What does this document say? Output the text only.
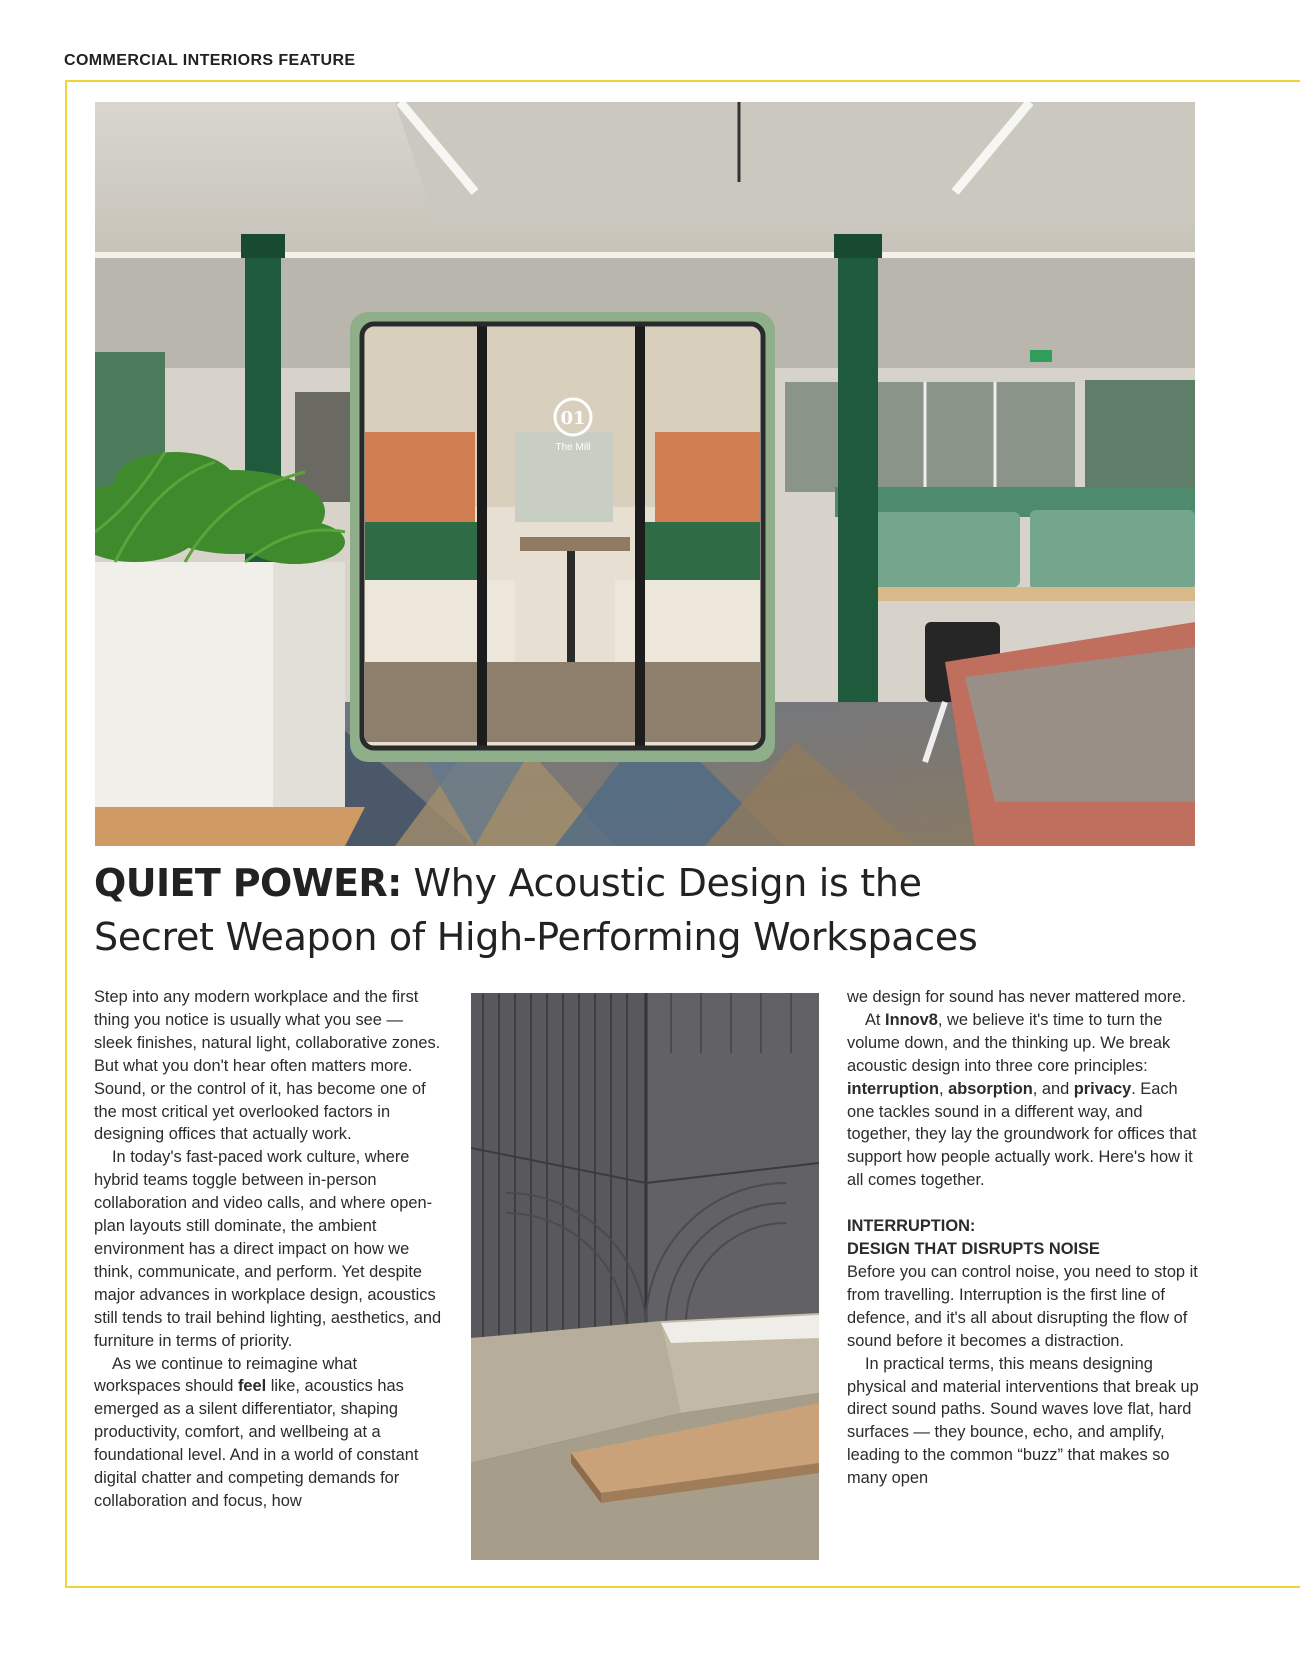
COMMERCIAL INTERIORS FEATURE
01
The Mill
QUIET POWER: Why Acoustic Design is the
Secret Weapon of High-Performing Workspaces

Step into any modern workplace and the first thing you notice is usually what you see — sleek finishes, natural light, collaborative zones. But what you don't hear often matters more. Sound, or the control of it, has become one of the most critical yet overlooked factors in designing offices that actually work.

In today's fast-paced work culture, where hybrid teams toggle between in-person collaboration and video calls, and where open-plan layouts still dominate, the ambient environment has a direct impact on how we think, communicate, and perform. Yet despite major advances in workplace design, acoustics still tends to trail behind lighting, aesthetics, and furniture in terms of priority.

As we continue to reimagine what workspaces should feel like, acoustics has emerged as a silent differentiator, shaping productivity, comfort, and wellbeing at a foundational level. And in a world of constant digital chatter and competing demands for collaboration and focus, how

we design for sound has never mattered more.

At Innov8, we believe it's time to turn the volume down, and the thinking up. We break acoustic design into three core principles: interruption, absorption, and privacy. Each one tackles sound in a different way, and together, they lay the groundwork for offices that support how people actually work. Here's how it all comes together.

INTERRUPTION:
DESIGN THAT DISRUPTS NOISE

Before you can control noise, you need to stop it from travelling. Interruption is the first line of defence, and it's all about disrupting the flow of sound before it becomes a distraction.

In practical terms, this means designing physical and material interventions that break up direct sound paths. Sound waves love flat, hard surfaces — they bounce, echo, and amplify, leading to the common “buzz” that makes so many open
